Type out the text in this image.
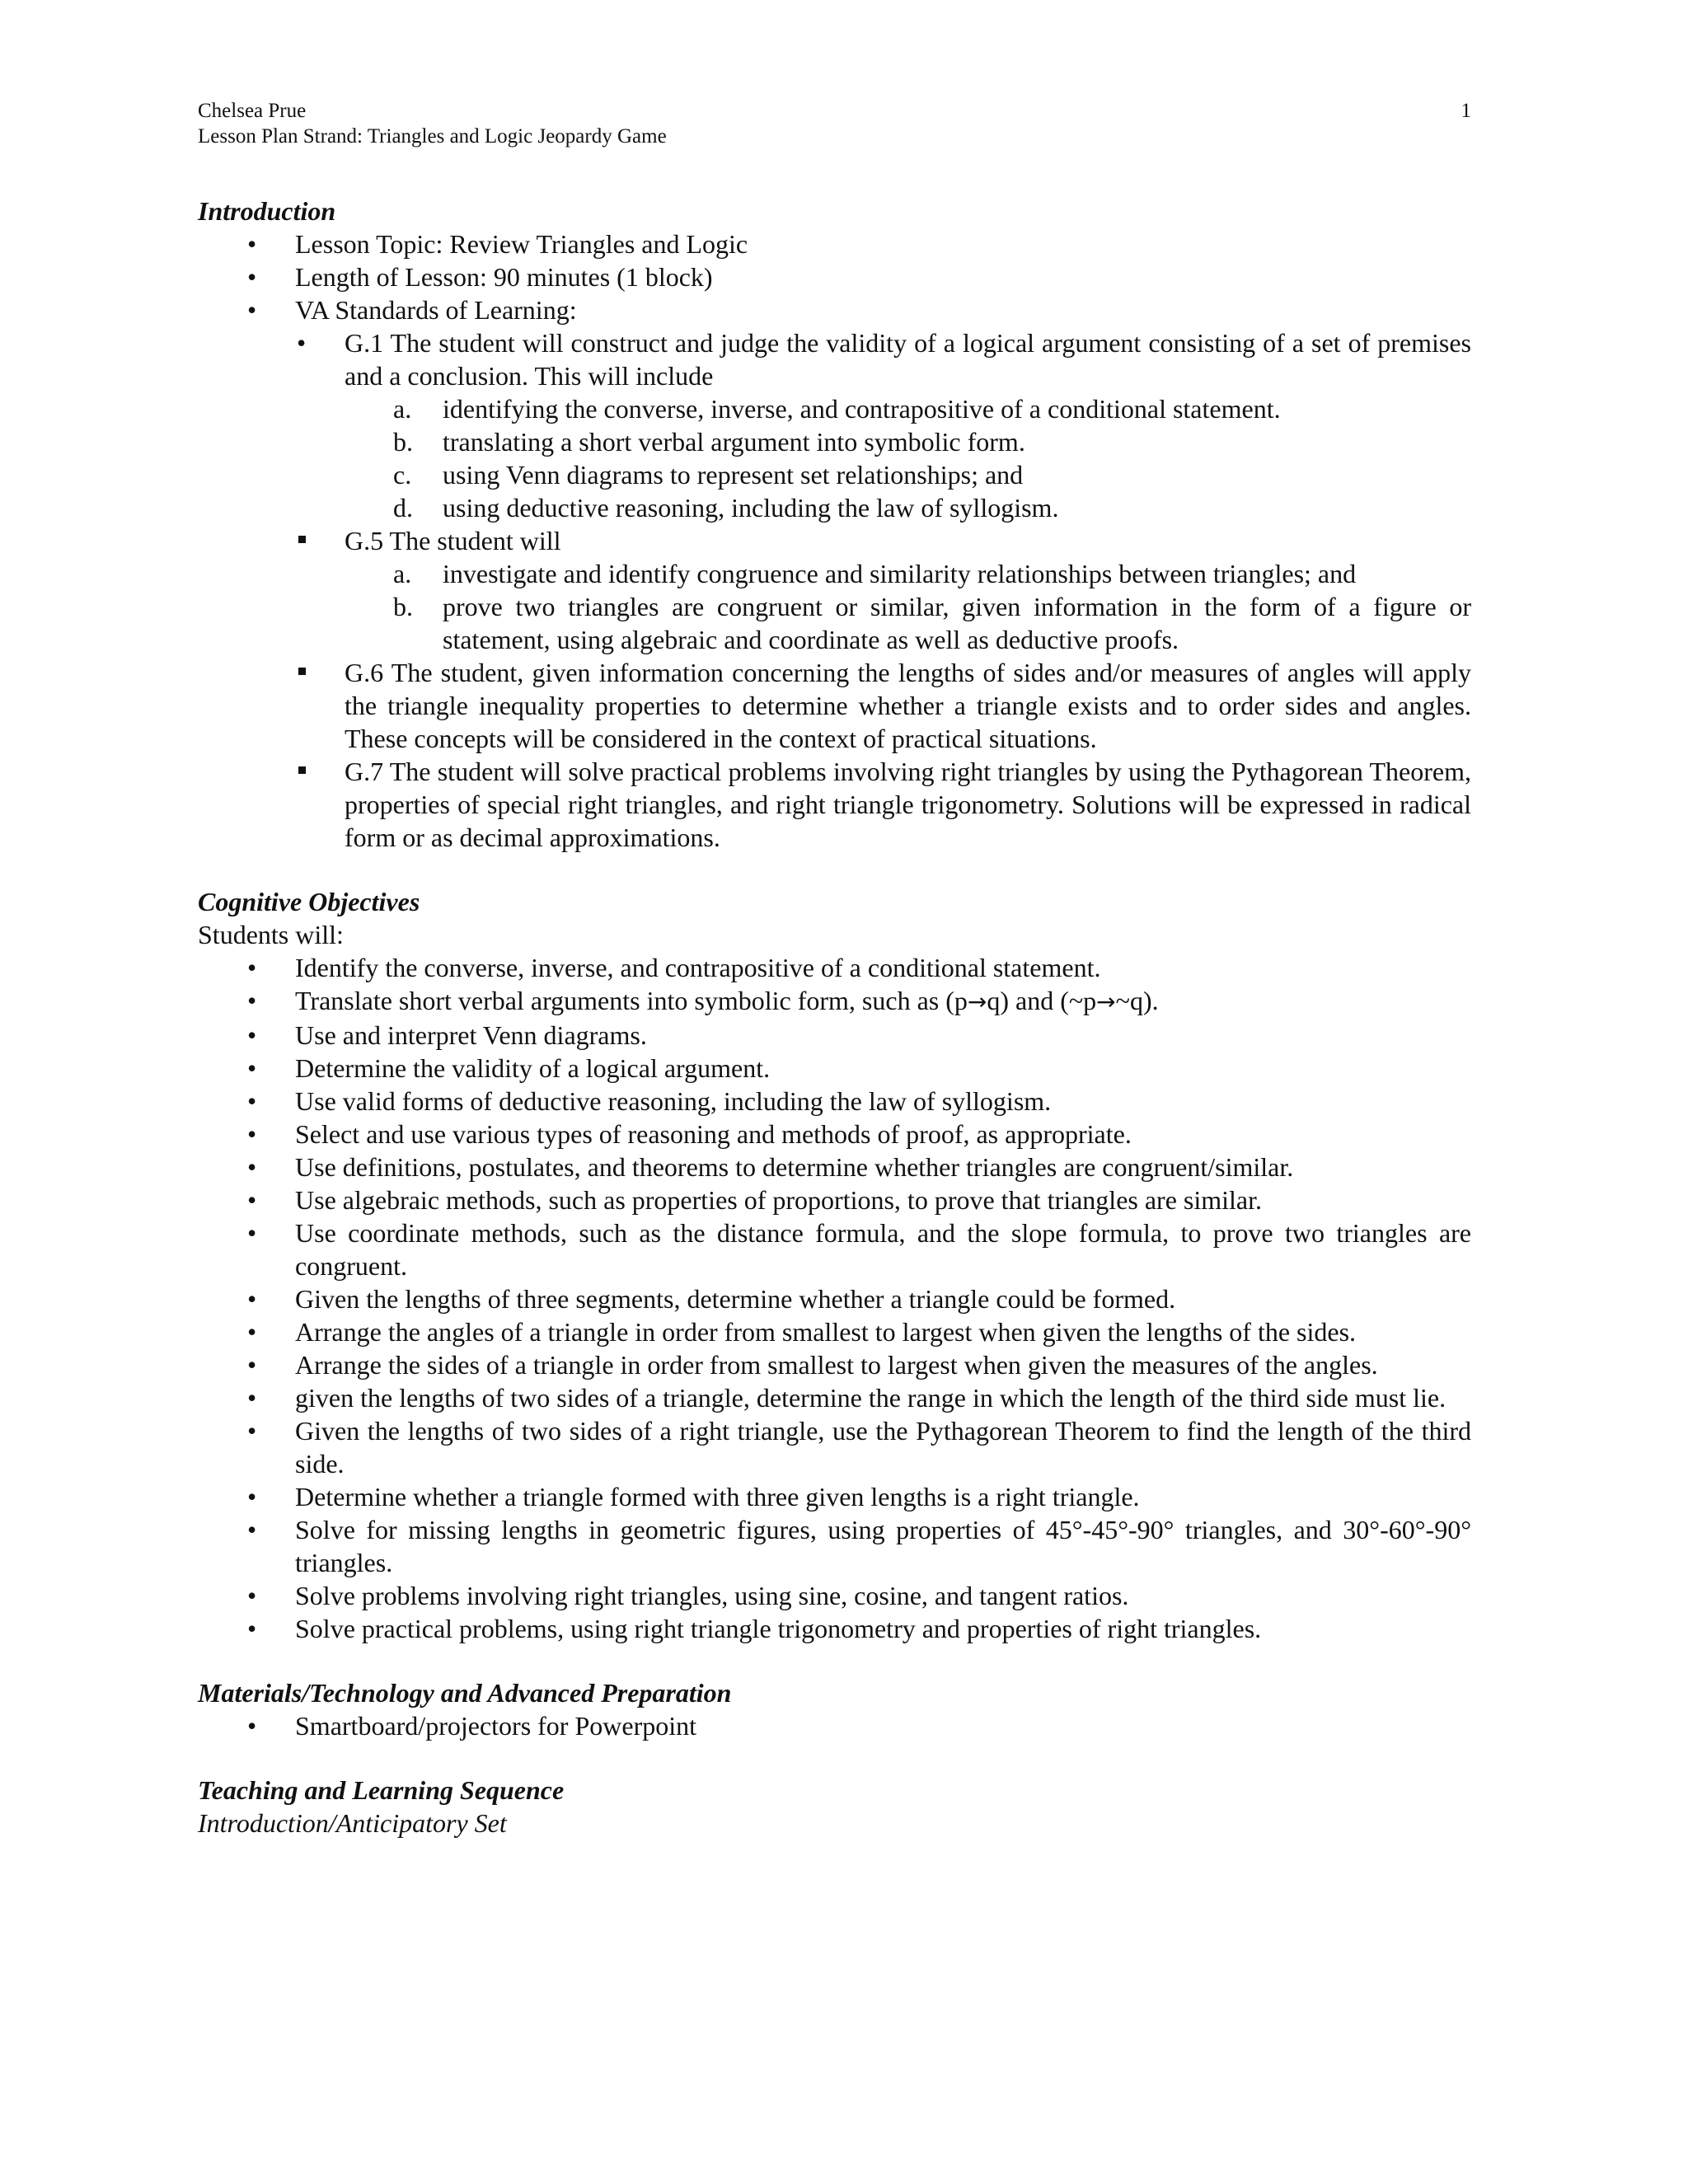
Chelsea Prue
Lesson Plan Strand: Triangles and Logic Jeopardy Game
1

Introduction

•	Lesson Topic: Review Triangles and Logic
•	Length of Lesson: 90 minutes (1 block)
•	VA Standards of Learning:
• G.1 The student will construct and judge the validity of a logical argument consisting of a set of premises and a conclusion. This will include
a. identifying the converse, inverse, and contrapositive of a conditional statement.
b. translating a short verbal argument into symbolic form.
c. using Venn diagrams to represent set relationships; and
d. using deductive reasoning, including the law of syllogism.
G.5 The student will
a. investigate and identify congruence and similarity relationships between triangles; and
b. prove two triangles are congruent or similar, given information in the form of a figure or statement, using algebraic and coordinate as well as deductive proofs.
G.6 The student, given information concerning the lengths of sides and/or measures of angles will apply the triangle inequality properties to determine whether a triangle exists and to order sides and angles. These concepts will be considered in the context of practical situations.
G.7 The student will solve practical problems involving right triangles by using the Pythagorean Theorem, properties of special right triangles, and right triangle trigonometry. Solutions will be expressed in radical form or as decimal approximations.

Cognitive Objectives

Students will:

•	Identify the converse, inverse, and contrapositive of a conditional statement.
•	Translate short verbal arguments into symbolic form, such as (p→q) and (~p→~q).
•	Use and interpret Venn diagrams.
•	Determine the validity of a logical argument.
•	Use valid forms of deductive reasoning, including the law of syllogism.
•	Select and use various types of reasoning and methods of proof, as appropriate.
•	Use definitions, postulates, and theorems to determine whether triangles are congruent/similar.
•	Use algebraic methods, such as properties of proportions, to prove that triangles are similar.
•	Use coordinate methods, such as the distance formula, and the slope formula, to prove two triangles are congruent.
•	Given the lengths of three segments, determine whether a triangle could be formed.
•	Arrange the angles of a triangle in order from smallest to largest when given the lengths of the sides.
•	Arrange the sides of a triangle in order from smallest to largest when given the measures of the angles.
•	given the lengths of two sides of a triangle, determine the range in which the length of the third side must lie.
•	Given the lengths of two sides of a right triangle, use the Pythagorean Theorem to find the length of the third side.
•	Determine whether a triangle formed with three given lengths is a right triangle.
•	Solve for missing lengths in geometric figures, using properties of 45°-45°-90° triangles, and 30°-60°-90° triangles.
•	Solve problems involving right triangles, using sine, cosine, and tangent ratios.
•	Solve practical problems, using right triangle trigonometry and properties of right triangles.

Materials/Technology and Advanced Preparation

•	Smartboard/projectors for Powerpoint

Teaching and Learning Sequence

Introduction/Anticipatory Set
